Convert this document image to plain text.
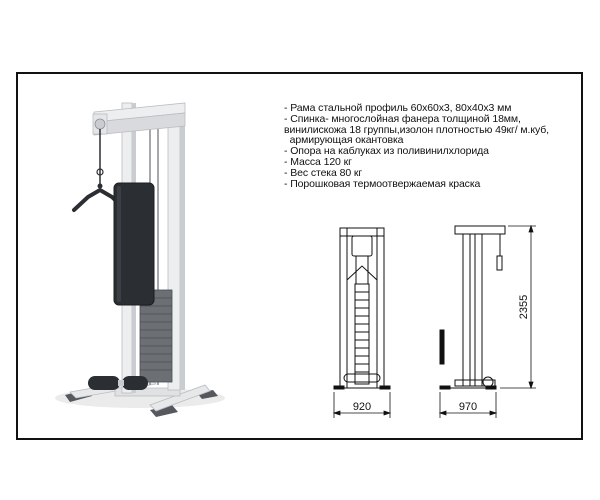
- Рама стальной профиль 60х60х3, 80х40х3 мм
- Спинка- многослойная фанера толщиной 18мм,
винилискожа 18 группы,изолон плотностью 49кг/ м.куб,
армирующая окантовка
- Опора на каблуках из поливинилхлорида
- Масса 120 кг
- Вес стека 80 кг
- Порошковая термоотвержаемая краска
920	970
2355
